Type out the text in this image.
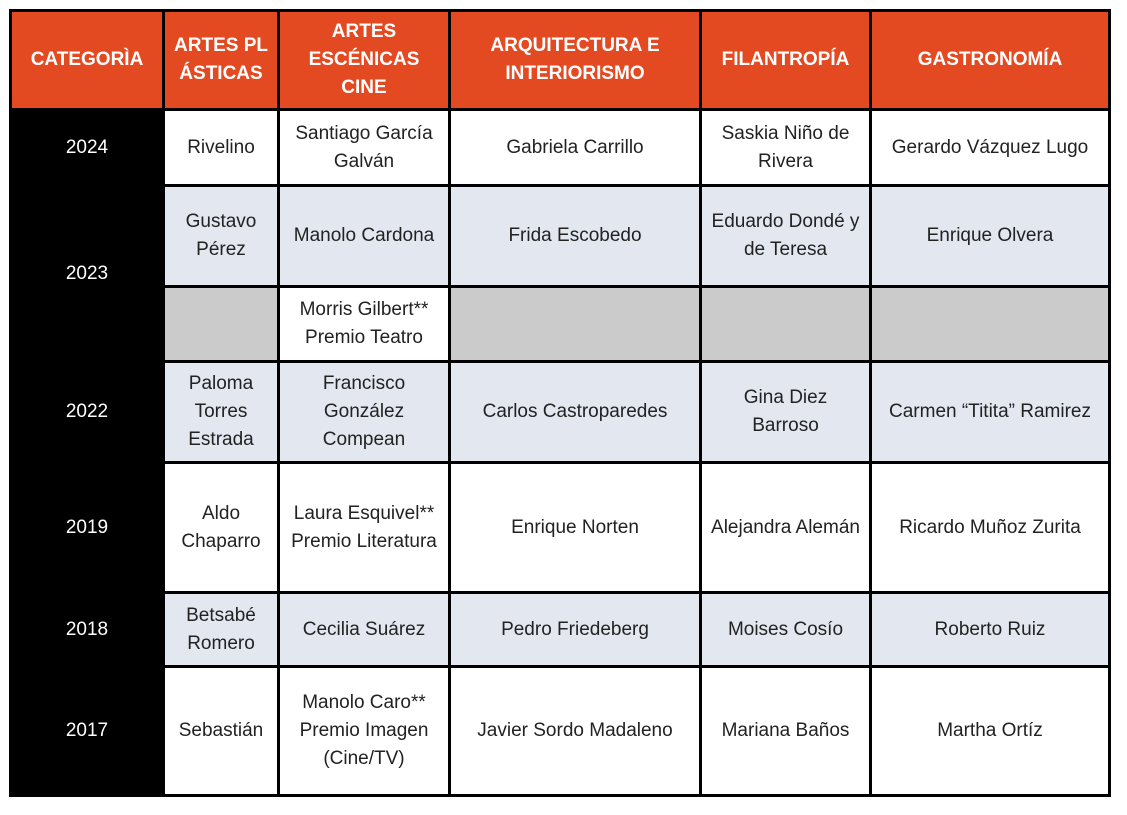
CATEGORÌA	ARTES PLÁSTICAS	ARTES ESCÉNICAS CINE	ARQUITECTURA E INTERIORISMO	FILANTROPÍA	GASTRONOMÍA
2024	Rivelino	Santiago García Galván	Gabriela Carrillo	Saskia Niño de Rivera	Gerardo Vázquez Lugo
2023	Gustavo Pérez	Manolo Cardona	Frida Escobedo	Eduardo Dondé y de Teresa	Enrique Olvera
		Morris Gilbert** Premio Teatro			
2022	Paloma Torres Estrada	Francisco González Compean	Carlos Castroparedes	Gina Diez Barroso	Carmen “Titita” Ramirez
2019	Aldo Chaparro	Laura Esquivel** Premio Literatura	Enrique Norten	Alejandra Alemán	Ricardo Muñoz Zurita
2018	Betsabé Romero	Cecilia Suárez	Pedro Friedeberg	Moises Cosío	Roberto Ruiz
2017	Sebastián	Manolo Caro** Premio Imagen (Cine/TV)	Javier Sordo Madaleno	Mariana Baños	Martha Ortíz
